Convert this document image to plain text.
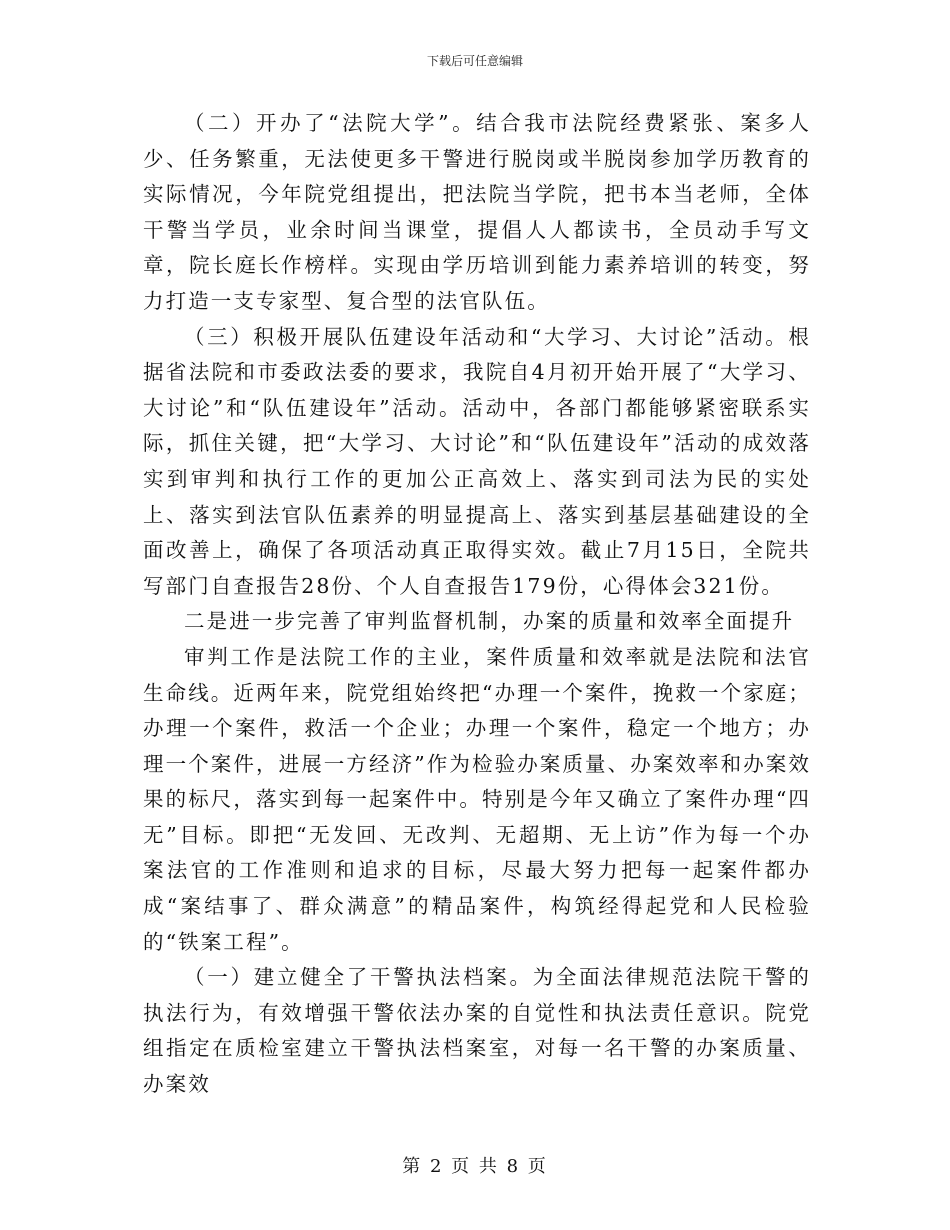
下载后可任意编辑

（二）开办了“法院大学”。结合我市法院经费紧张、案多人少、任务繁重，无法使更多干警进行脱岗或半脱岗参加学历教育的实际情况，今年院党组提出，把法院当学院，把书本当老师，全体干警当学员，业余时间当课堂，提倡人人都读书，全员动手写文章，院长庭长作榜样。实现由学历培训到能力素养培训的转变，努力打造一支专家型、复合型的法官队伍。

（三）积极开展队伍建设年活动和“大学习、大讨论”活动。根据省法院和市委政法委的要求，我院自4月初开始开展了“大学习、大讨论”和“队伍建设年”活动。活动中，各部门都能够紧密联系实际，抓住关键，把“大学习、大讨论”和“队伍建设年”活动的成效落实到审判和执行工作的更加公正高效上、落实到司法为民的实处上、落实到法官队伍素养的明显提高上、落实到基层基础建设的全面改善上，确保了各项活动真正取得实效。截止7月15日，全院共写部门自查报告28份、个人自查报告179份，心得体会321份。

二是进一步完善了审判监督机制，办案的质量和效率全面提升

审判工作是法院工作的主业，案件质量和效率就是法院和法官生命线。近两年来，院党组始终把“办理一个案件，挽救一个家庭；办理一个案件，救活一个企业；办理一个案件，稳定一个地方；办理一个案件，进展一方经济”作为检验办案质量、办案效率和办案效果的标尺，落实到每一起案件中。特别是今年又确立了案件办理“四无”目标。即把“无发回、无改判、无超期、无上访”作为每一个办案法官的工作准则和追求的目标，尽最大努力把每一起案件都办成“案结事了、群众满意”的精品案件，构筑经得起党和人民检验的“铁案工程”。

（一）建立健全了干警执法档案。为全面法律规范法院干警的执法行为，有效增强干警依法办案的自觉性和执法责任意识。院党组指定在质检室建立干警执法档案室，对每一名干警的办案质量、办案效

第 2 页 共 8 页
